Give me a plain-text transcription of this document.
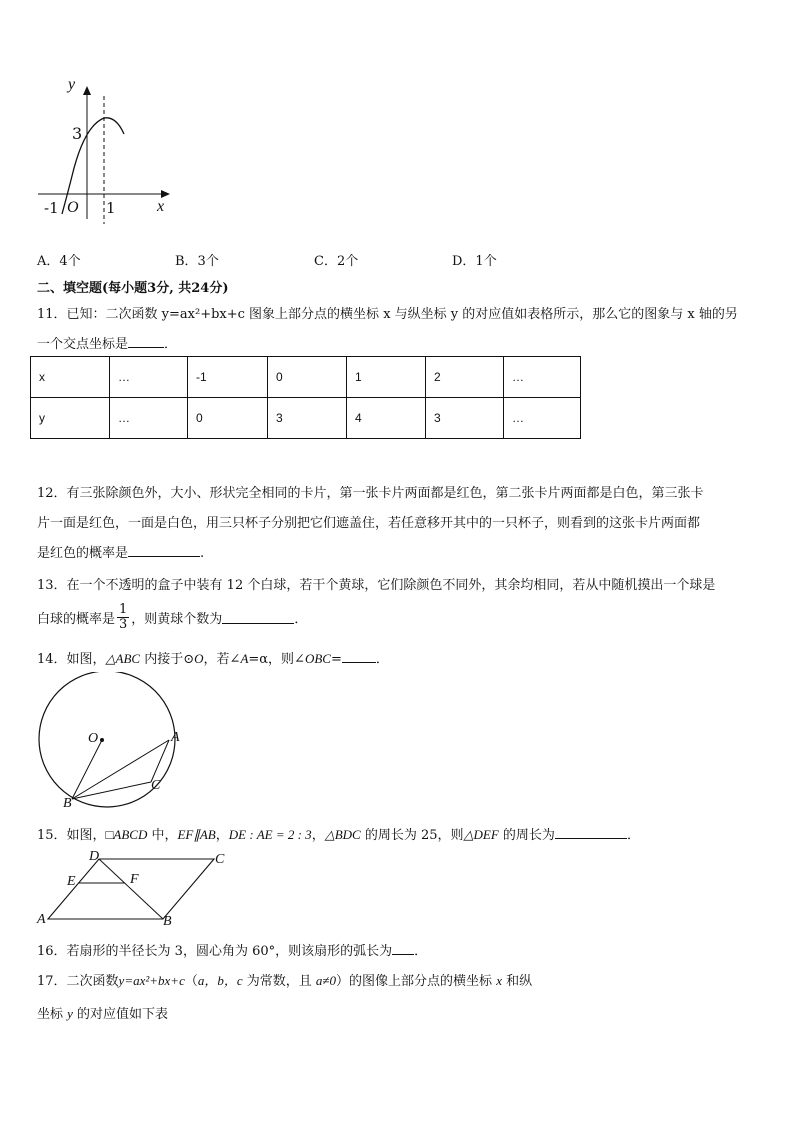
y
3
-1 O 1	x
A．4个	B．3个	C．2个	D．1个
二、填空题(每小题3分, 共24分)
11．已知：二次函数 y=ax²+bx+c 图象上部分点的横坐标 x 与纵坐标 y 的对应值如表格所示，那么它的图象与 x 轴的另
一个交点坐标是	．
x	…	-1	0	1	2	…
y	…	0	3	4	3	…
12．有三张除颜色外，大小、形状完全相同的卡片，第一张卡片两面都是红色，第二张卡片两面都是白色，第三张卡
片一面是红色，一面是白色，用三只杯子分别把它们遮盖住，若任意移开其中的一只杯子，则看到的这张卡片两面都
是红色的概率是	.
13．在一个不透明的盒子中装有 12 个白球，若干个黄球，它们除颜色不同外，其余均相同，若从中随机摸出一个球是
白球的概率是 $\frac{1}{3}$ ，则黄球个数为	．
14．如图，△ABC 内接于⊙O，若∠A=α，则∠OBC=	．
O	A
C
B
15．如图，□ABCD 中，EF∥AB，DE : AE = 2 : 3，△BDC 的周长为 25，则△DEF 的周长为	．
D	C
E	F
A	B
16．若扇形的半径长为 3，圆心角为 60°，则该扇形的弧长为 ．
17．二次函数y=ax²+bx+c（a，b，c 为常数，且 a≠0）的图像上部分点的横坐标 x 和纵
坐标 y 的对应值如下表
